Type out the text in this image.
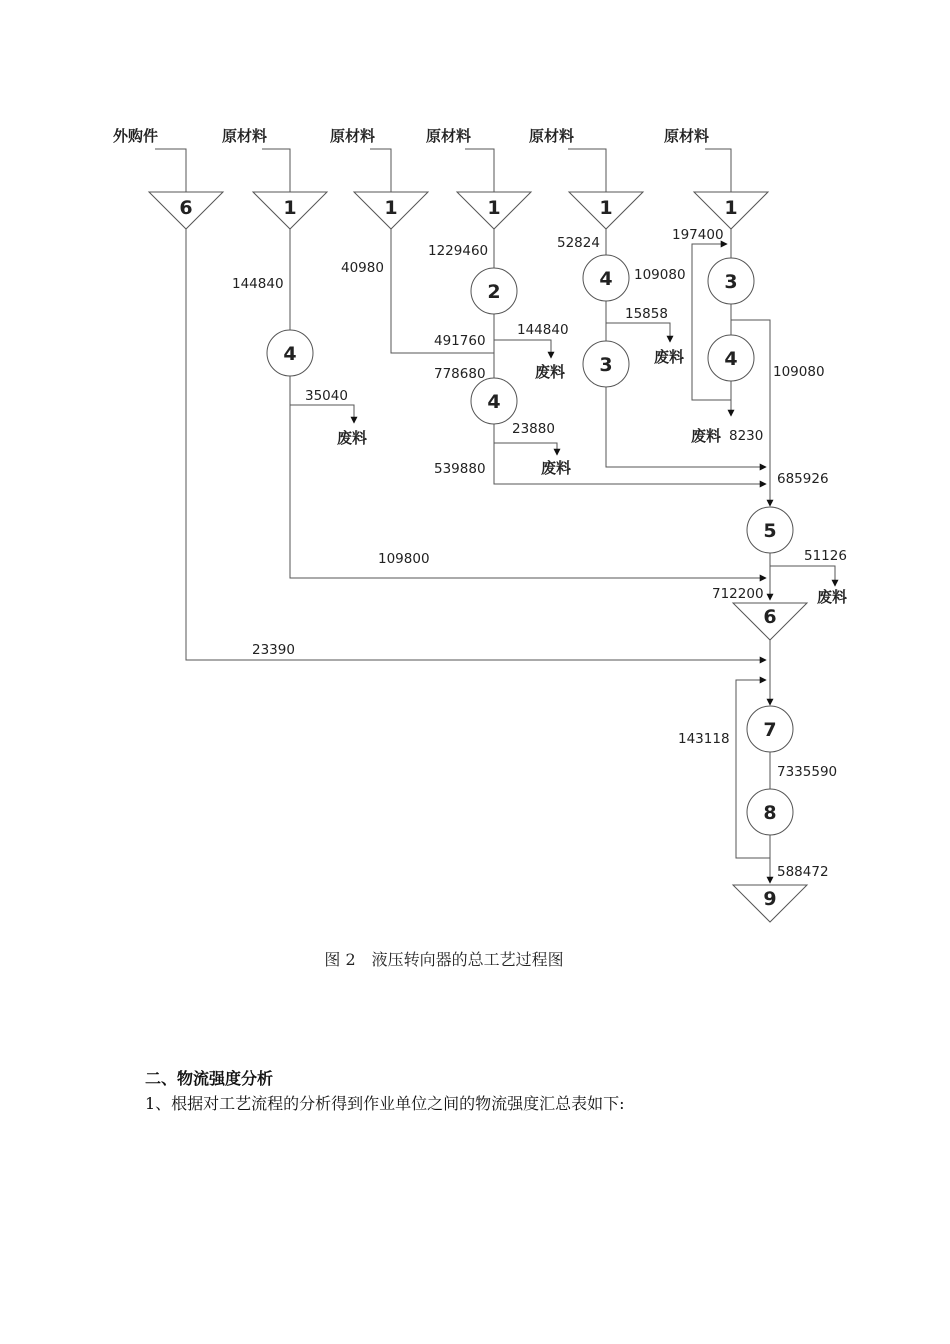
外购件	原材料	原材料	原材料	原材料	原材料
6	1	1	1	1	1
4
2
4
4
3
3
4
5
6
7
8
9
废料
废料
废料
废料
废料
废料
144840
40980
1229460	52824	197400
109080
491760
144840
15858
109080
778680
35040
23880	8230
539880
685926
51126
109800
712200
23390
143118
7335590
588472
图 2　液压转向器的总工艺过程图
二、物流强度分析
1、根据对工艺流程的分析得到作业单位之间的物流强度汇总表如下:
